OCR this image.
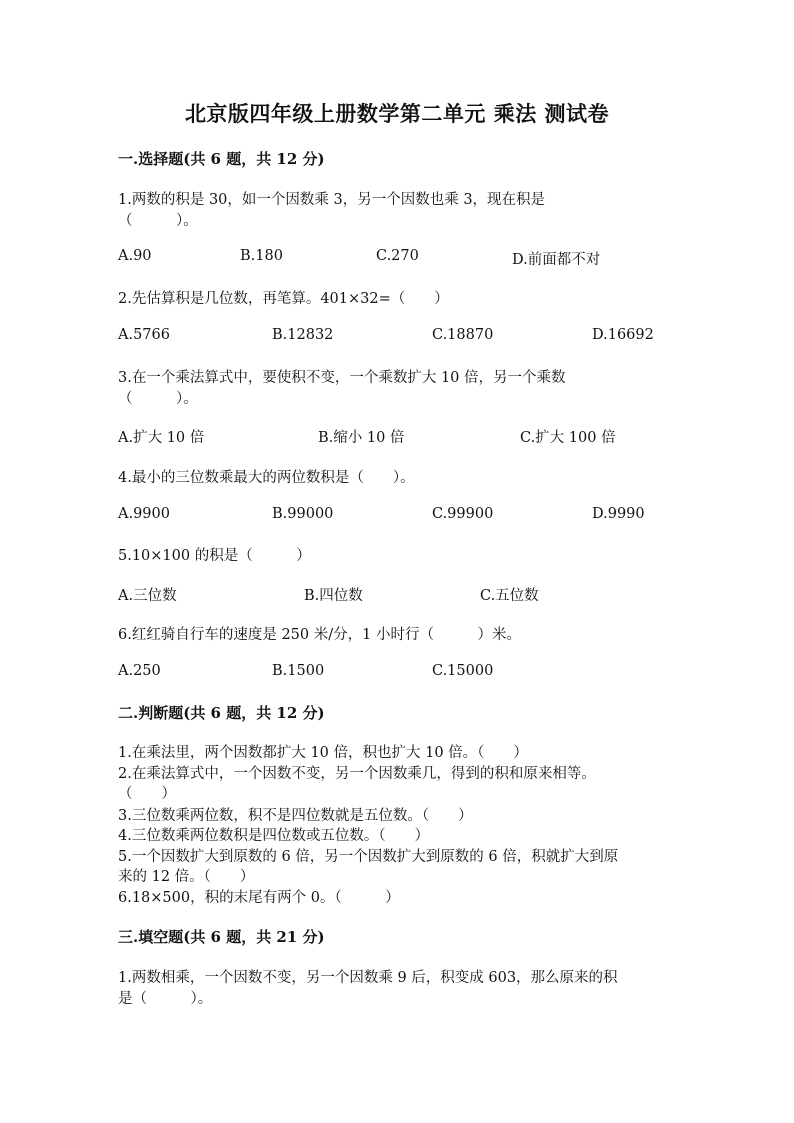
北京版四年级上册数学第二单元 乘法 测试卷
一.选择题(共 6 题，共 12 分)
1.两数的积是 30，如一个因数乘 3，另一个因数也乘 3，现在积是
（　　　）。
A.90	B.180	C.270	D.前面都不对
2.先估算积是几位数，再笔算。401×32=（　　）
A.5766	B.12832	C.18870	D.16692
3.在一个乘法算式中，要使积不变，一个乘数扩大 10 倍，另一个乘数
（　　　）。
A.扩大 10 倍	B.缩小 10 倍	C.扩大 100 倍
4.最小的三位数乘最大的两位数积是（　　）。
A.9900	B.99000	C.99900	D.9990
5.10×100 的积是（　　　）
A.三位数	B.四位数	C.五位数
6.红红骑自行车的速度是 250 米/分，1 小时行（　　　）米。
A.250	B.1500	C.15000
二.判断题(共 6 题，共 12 分)
1.在乘法里，两个因数都扩大 10 倍，积也扩大 10 倍。（　　）
2.在乘法算式中，一个因数不变，另一个因数乘几，得到的积和原来相等。
（　　）
3.三位数乘两位数，积不是四位数就是五位数。（　　）
4.三位数乘两位数积是四位数或五位数。（　　）
5.一个因数扩大到原数的 6 倍，另一个因数扩大到原数的 6 倍，积就扩大到原
来的 12 倍。（　　）
6.18×500，积的末尾有两个 0。（　　　）
三.填空题(共 6 题，共 21 分)
1.两数相乘，一个因数不变，另一个因数乘 9 后，积变成 603，那么原来的积
是（　　　）。
